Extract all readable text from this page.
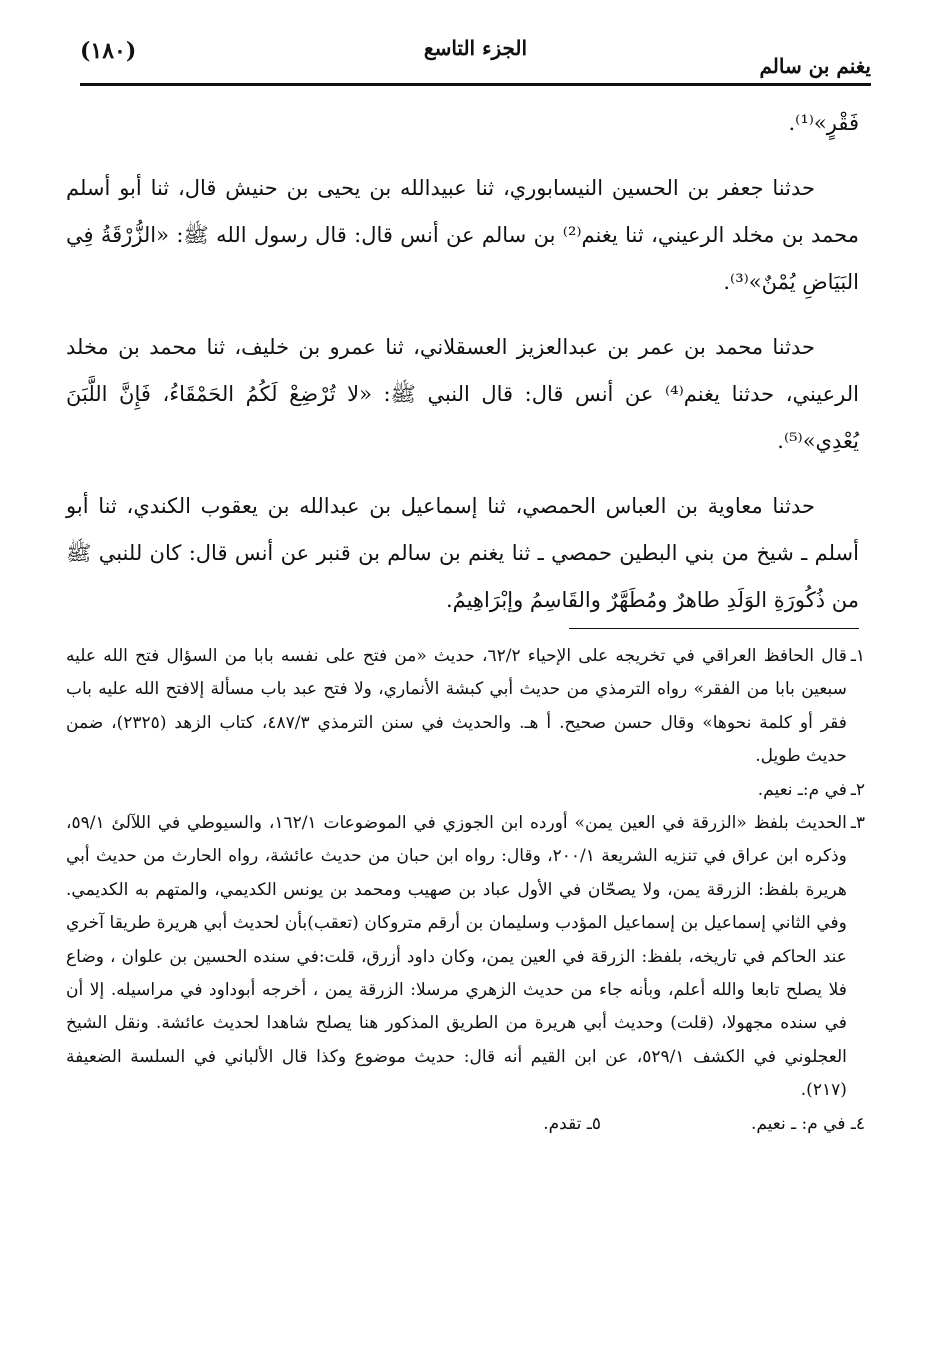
يغنم بن سالم
الجزء التاسع
(١٨٠)

فَقْرٍ»⁽¹⁾.

حدثنا جعفر بن الحسين النيسابوري، ثنا عبيدالله بن يحيى بن حنيش قال، ثنا أبو أسلم محمد بن مخلد الرعيني، ثنا يغنم⁽²⁾ بن سالم عن أنس قال: قال رسول الله ﷺ: «الزُّرْقَةُ فِي البَيَاضِ يُمْنٌ»⁽³⁾.

حدثنا محمد بن عمر بن عبدالعزيز العسقلاني، ثنا عمرو بن خليف، ثنا محمد بن مخلد الرعيني، حدثنا يغنم⁽⁴⁾ عن أنس قال: قال النبي ﷺ: «لا تُرْضِعْ لَكُمُ الحَمْقَاءُ، فَإِنَّ اللَّبَنَ يُعْدِي»⁽⁵⁾.

حدثنا معاوية بن العباس الحمصي، ثنا إسماعيل بن عبدالله بن يعقوب الكندي، ثنا أبو أسلم ـ شيخ من بني البطين حمصي ـ ثنا يغنم بن سالم بن قنبر عن أنس قال: كان للنبي ﷺ من ذُكُورَةِ الوَلَدِ طاهرٌ ومُطَهَّرٌ والقَاسِمُ وإبْرَاهِيمُ.

١ـ
قال الحافظ العراقي في تخريجه على الإحياء ٦٢/٢، حديث «من فتح على نفسه بابا من السؤال فتح الله عليه سبعين بابا من الفقر» رواه الترمذي من حديث أبي كبشة الأنماري، ولا فتح عبد باب مسألة إلافتح الله عليه باب فقر أو كلمة نحوها» وقال حسن صحيح. أ هـ. والحديث في سنن الترمذي ٤٨٧/٣، كتاب الزهد (٢٣٢٥)، ضمن حديث طويل.
٢ـ
في م:ـ نعيم.
٣ـ
الحديث بلفظ «الزرقة في العين يمن» أورده ابن الجوزي في الموضوعات ١٦٢/١، والسيوطي في اللآلئ ٥٩/١، وذكره ابن عراق في تنزيه الشريعة ٢٠٠/١، وقال: رواه ابن حبان من حديث عائشة، رواه الحارث من حديث أبي هريرة بلفظ: الزرقة يمن، ولا يصحّان في الأول عباد بن صهيب ومحمد بن يونس الكديمي، والمتهم به الكديمي. وفي الثاني إسماعيل بن إسماعيل المؤدب وسليمان بن أرقم متروكان (تعقب)بأن لحديث أبي هريرة طريقا آخري عند الحاكم في تاريخه، بلفظ: الزرقة في العين يمن، وكان داود أزرق، قلت:في سنده الحسين بن علوان ، وضاع فلا يصلح تابعا والله أعلم، وبأنه جاء من حديث الزهري مرسلا: الزرقة يمن ، أخرجه أبوداود في مراسيله. إلا أن في سنده مجهولا، (قلت) وحديث أبي هريرة من الطريق المذكور هنا يصلح شاهدا لحديث عائشة. ونقل الشيخ العجلوني في الكشف ٥٢٩/١، عن ابن القيم أنه قال: حديث موضوع وكذا قال الألباني في السلسة الضعيفة (٢١٧).
٤ـ في م: ـ نعيم.
٥ـ تقدم.
